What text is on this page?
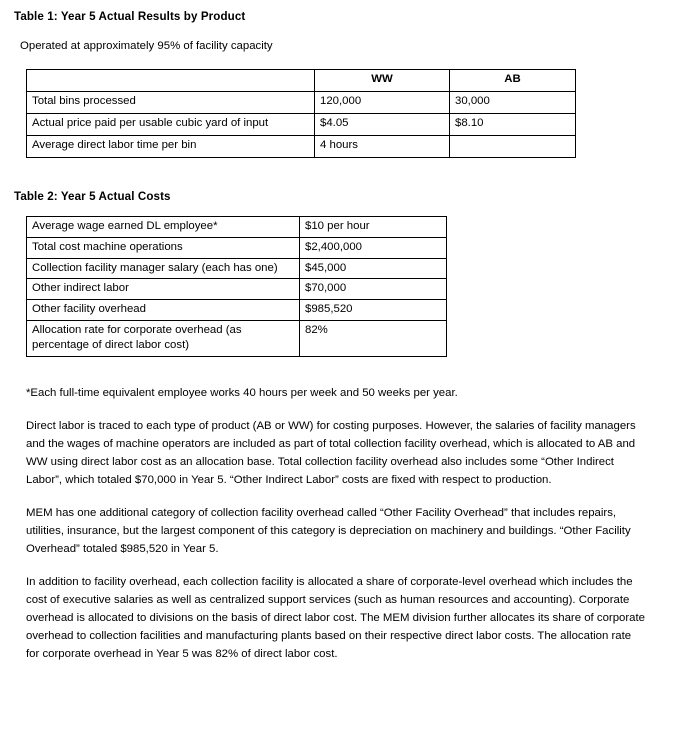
Table 1: Year 5 Actual Results by Product
Operated at approximately 95% of facility capacity
	WW	AB
Total bins processed	120,000	30,000
Actual price paid per usable cubic yard of input	$4.05	$8.10
Average direct labor time per bin	4 hours	
Table 2: Year 5 Actual Costs
Average wage earned DL employee*	$10 per hour
Total cost machine operations	$2,400,000
Collection facility manager salary (each has one)	$45,000
Other indirect labor	$70,000
Other facility overhead	$985,520
Allocation rate for corporate overhead (as percentage of direct labor cost)	82%
*Each full-time equivalent employee works 40 hours per week and 50 weeks per year.
Direct labor is traced to each type of product (AB or WW) for costing purposes. However, the salaries of facility managers and the wages of machine operators are included as part of total collection facility overhead, which is allocated to AB and WW using direct labor cost as an allocation base. Total collection facility overhead also includes some “Other Indirect Labor”, which totaled $70,000 in Year 5. “Other Indirect Labor” costs are fixed with respect to production.
MEM has one additional category of collection facility overhead called “Other Facility Overhead” that includes repairs, utilities, insurance, but the largest component of this category is depreciation on machinery and buildings. “Other Facility Overhead” totaled $985,520 in Year 5.
In addition to facility overhead, each collection facility is allocated a share of corporate-level overhead which includes the cost of executive salaries as well as centralized support services (such as human resources and accounting). Corporate overhead is allocated to divisions on the basis of direct labor cost. The MEM division further allocates its share of corporate overhead to collection facilities and manufacturing plants based on their respective direct labor costs. The allocation rate for corporate overhead in Year 5 was 82% of direct labor cost.
